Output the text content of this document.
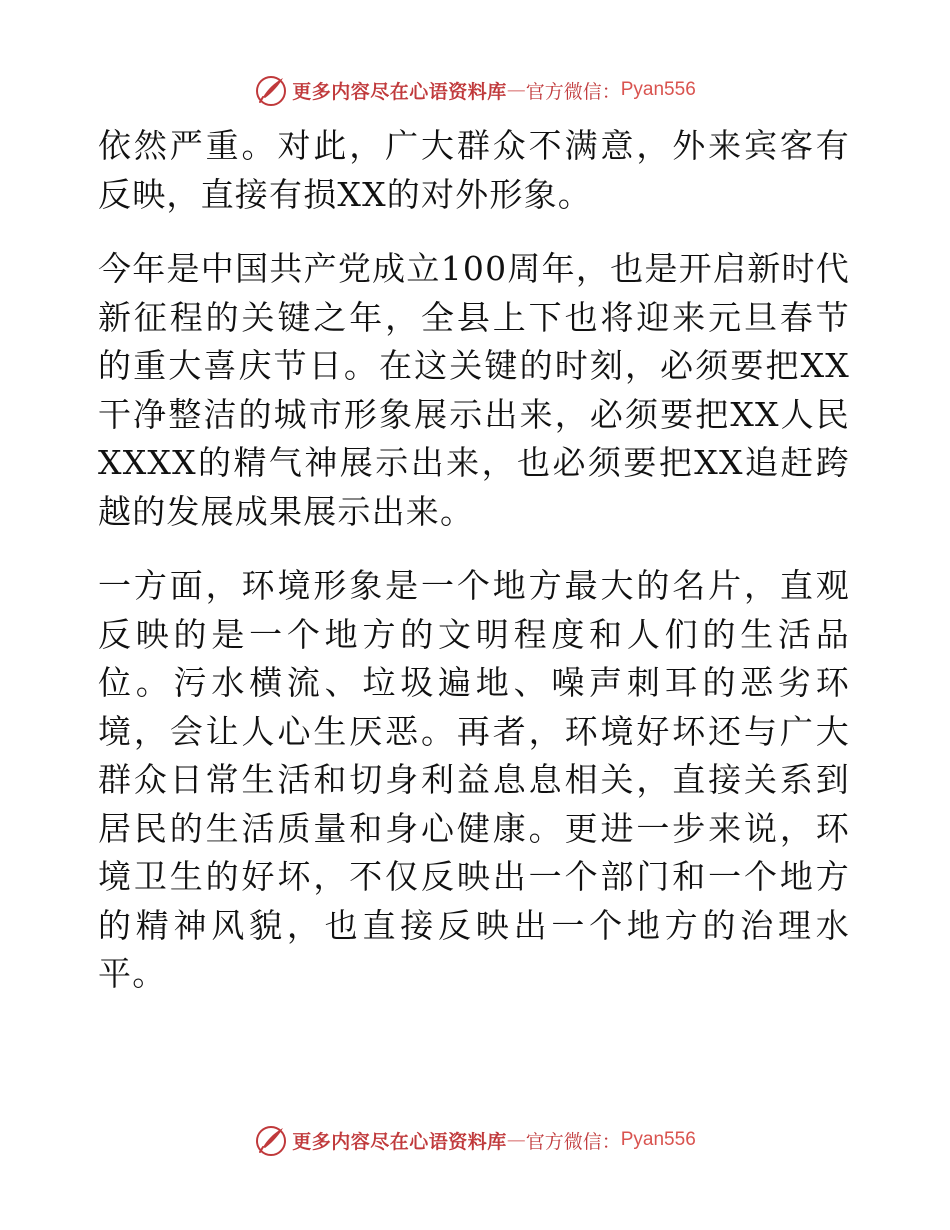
更多内容尽在心语资料库 — 官方微信： Pyan556

依然严重。对此，广大群众不满意，外来宾客有反映，直接有损XX的对外形象。

今年是中国共产党成立100周年，也是开启新时代新征程的关键之年，全县上下也将迎来元旦春节的重大喜庆节日。在这关键的时刻，必须要把XX干净整洁的城市形象展示出来，必须要把XX人民XXXX的精气神展示出来，也必须要把XX追赶跨越的发展成果展示出来。

一方面，环境形象是一个地方最大的名片，直观反映的是一个地方的文明程度和人们的生活品位。污水横流、垃圾遍地、噪声刺耳的恶劣环境，会让人心生厌恶。再者，环境好坏还与广大群众日常生活和切身利益息息相关，直接关系到居民的生活质量和身心健康。更进一步来说，环境卫生的好坏，不仅反映出一个部门和一个地方的精神风貌，也直接反映出一个地方的治理水平。

更多内容尽在心语资料库 — 官方微信： Pyan556
